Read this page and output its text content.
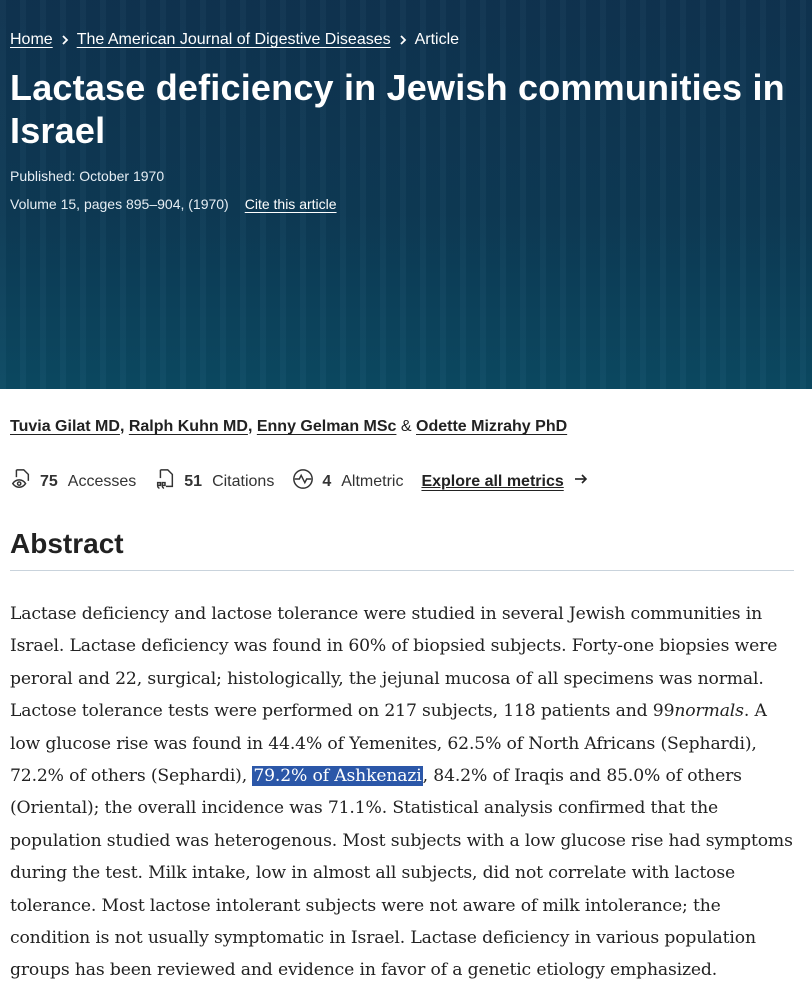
Home The American Journal of Digestive Diseases Article
Lactase deficiency in Jewish communities in Israel
Published: October 1970
Volume 15, pages 895–904, (1970) Cite this article
Tuvia Gilat MD, Ralph Kuhn MD, Enny Gelman MSc & Odette Mizrahy PhD
75 Accesses	51 Citations	4 Altmetric Explore all metrics
Abstract

Lactase deficiency and lactose tolerance were studied in several Jewish communities in Israel. Lactase deficiency was found in 60% of biopsied subjects. Forty-one biopsies were peroral and 22, surgical; histologically, the jejunal mucosa of all specimens was normal. Lactose tolerance tests were performed on 217 subjects, 118 patients and 99normals. A low glucose rise was found in 44.4% of Yemenites, 62.5% of North Africans (Sephardi), 72.2% of others (Sephardi), 79.2% of Ashkenazi, 84.2% of Iraqis and 85.0% of others (Oriental); the overall incidence was 71.1%. Statistical analysis confirmed that the population studied was heterogenous. Most subjects with a low glucose rise had symptoms during the test. Milk intake, low in almost all subjects, did not correlate with lactose tolerance. Most lactose intolerant subjects were not aware of milk intolerance; the condition is not usually symptomatic in Israel. Lactase deficiency in various population groups has been reviewed and evidence in favor of a genetic etiology emphasized.
